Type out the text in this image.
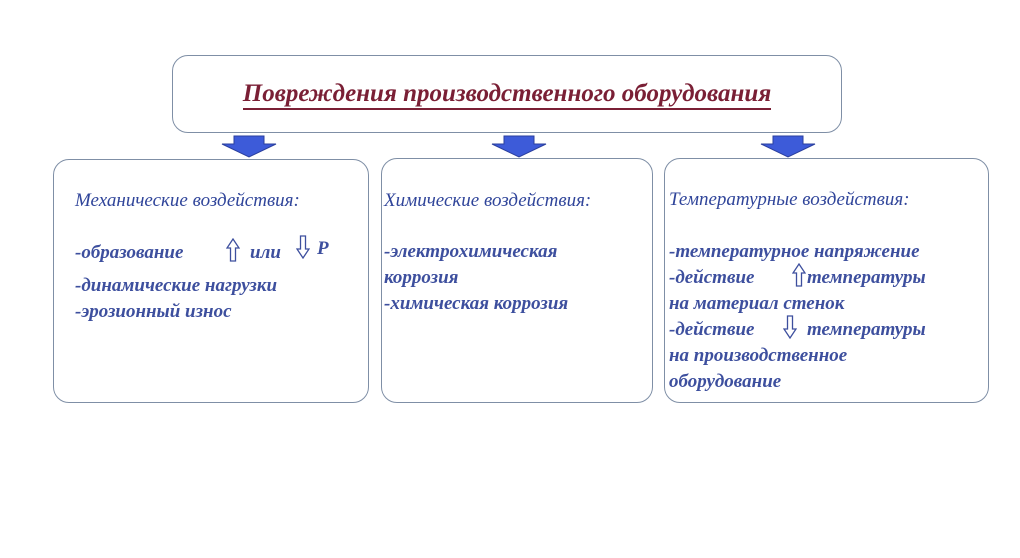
Повреждения производственного оборудования
Механические воздействия:
-образование	или P
-динамические нагрузки
-эрозионный износ
Химические воздействия:
-электрохимическая
коррозия
-химическая коррозия
Температурные воздействия:
-температурное напряжение
-действие	температуры
на материал стенок
-действие	температуры
на производственное
оборудование
